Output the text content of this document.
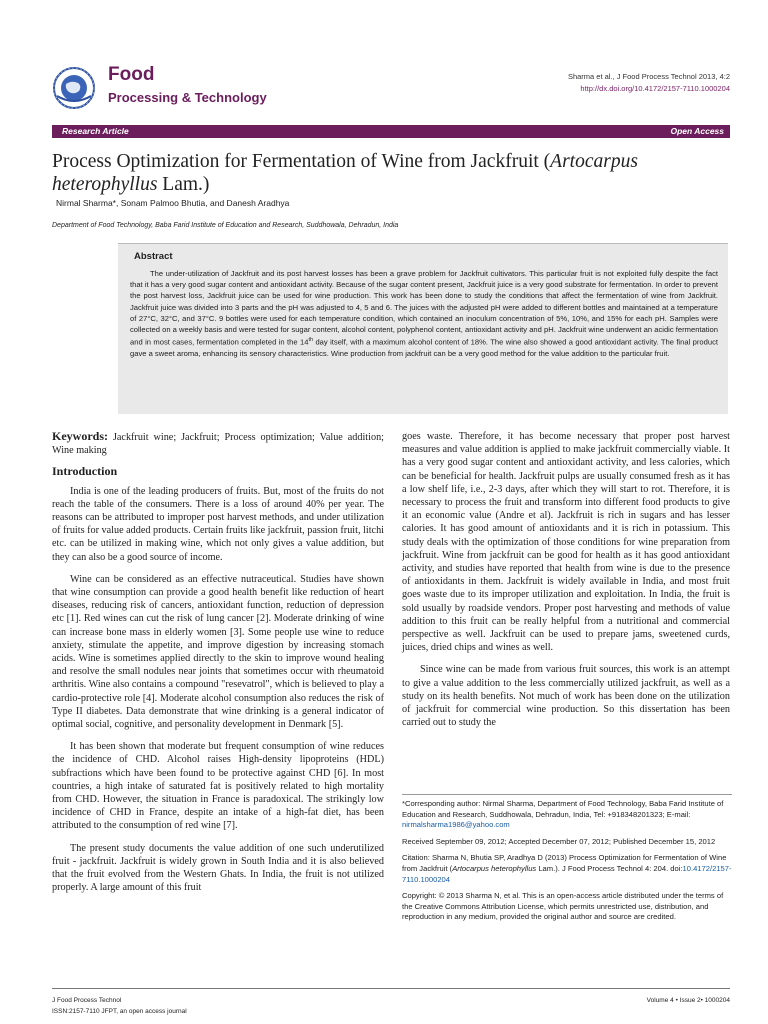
Food
Processing & Technology
Sharma et al., J Food Process Technol 2013, 4:2
http://dx.doi.org/10.4172/2157-7110.1000204
Research Article	Open Access
Process Optimization for Fermentation of Wine from Jackfruit (Artocarpus heterophyllus Lam.)
Nirmal Sharma*, Sonam Palmoo Bhutia, and Danesh Aradhya
Department of Food Technology, Baba Farid Institute of Education and Research, Suddhowala, Dehradun, India
Abstract
The under-utilization of Jackfruit and its post harvest losses has been a grave problem for Jackfruit cultivators. This particular fruit is not exploited fully despite the fact that it has a very good sugar content and antioxidant activity. Because of the sugar content present, Jackfruit juice is a very good substrate for fermentation. In order to prevent the post harvest loss, Jackfruit juice can be used for wine production. This work has been done to study the conditions that affect the fermentation of wine from Jackfruit. Jackfruit juice was divided into 3 parts and the pH was adjusted to 4, 5 and 6. The juices with the adjusted pH were added to different bottles and maintained at a temperature of 27°C, 32°C, and 37°C. 9 bottles were used for each temperature condition, which contained an inoculum concentration of 5%, 10%, and 15% for each pH. Samples were collected on a weekly basis and were tested for sugar content, alcohol content, polyphenol content, antioxidant activity and pH. Jackfruit wine underwent an acidic fermentation and in most cases, fermentation completed in the 14th day itself, with a maximum alcohol content of 18%. The wine also showed a good antioxidant activity. The final product gave a sweet aroma, enhancing its sensory characteristics. Wine production from jackfruit can be a very good method for the value addition to the particular fruit.

Keywords: Jackfruit wine; Jackfruit; Process optimization; Value addition; Wine making

Introduction

India is one of the leading producers of fruits. But, most of the fruits do not reach the table of the consumers. There is a loss of around 40% per year. The reasons can be attributed to improper post harvest methods, and under utilization of fruits for value added products. Certain fruits like jackfruit, passion fruit, litchi etc. can be utilized in making wine, which not only gives a value addition, but they can also be a good source of income.

Wine can be considered as an effective nutraceutical. Studies have shown that wine consumption can provide a good health benefit like reduction of heart diseases, reducing risk of cancers, antioxidant function, reduction of depression etc [1]. Red wines can cut the risk of lung cancer [2]. Moderate drinking of wine can increase bone mass in elderly women [3]. Some people use wine to reduce anxiety, stimulate the appetite, and improve digestion by increasing stomach acids. Wine is sometimes applied directly to the skin to improve wound healing and resolve the small nodules near joints that sometimes occur with rheumatoid arthritis. Wine also contains a compound "resevatrol", which is believed to play a cardio-protective role [4]. Moderate alcohol consumption also reduces the risk of Type II diabetes. Data demonstrate that wine drinking is a general indicator of optimal social, cognitive, and personality development in Denmark [5].

It has been shown that moderate but frequent consumption of wine reduces the incidence of CHD. Alcohol raises High-density lipoproteins (HDL) subfractions which have been found to be protective against CHD [6]. In most countries, a high intake of saturated fat is positively related to high mortality from CHD. However, the situation in France is paradoxical. The strikingly low incidence of CHD in France, despite an intake of a high-fat diet, has been attributed to the consumption of red wine [7].

The present study documents the value addition of one such underutilized fruit - jackfruit. Jackfruit is widely grown in South India and it is also believed that the fruit evolved from the Western Ghats. In India, the fruit is not utilized properly. A large amount of this fruit

goes waste. Therefore, it has become necessary that proper post harvest measures and value addition is applied to make jackfruit commercially viable. It has a very good sugar content and antioxidant activity, and less calories, which can be beneficial for health. Jackfruit pulps are usually consumed fresh as it has a low shelf life, i.e., 2-3 days, after which they will start to rot. Therefore, it is necessary to process the fruit and transform into different food products to give it an economic value (Andre et al). Jackfruit is rich in sugars and has lesser calories. It has good amount of antioxidants and it is rich in potassium. This study deals with the optimization of those conditions for wine preparation from jackfruit. Wine from jackfruit can be good for health as it has good antioxidant activity, and studies have reported that health from wine is due to the presence of antioxidants in them. Jackfruit is widely available in India, and most fruit goes waste due to its improper utilization and exploitation. In India, the fruit is sold usually by roadside vendors. Proper post harvesting and methods of value addition to this fruit can be really helpful from a nutritional and commercial perspective as well. Jackfruit can be used to prepare jams, sweetened curds, juices, dried chips and wines as well.

Since wine can be made from various fruit sources, this work is an attempt to give a value addition to the less commercially utilized jackfruit, as well as a study on its health benefits. Not much of work has been done on the utilization of jackfruit for commercial wine production. So this dissertation has been carried out to study the

*Corresponding author: Nirmal Sharma, Department of Food Technology, Baba Farid Institute of Education and Research, Suddhowala, Dehradun, India, Tel: +918348201323; E-mail: nirmalsharma1986@yahoo.com
Received September 09, 2012; Accepted December 07, 2012; Published December 15, 2012
Citation: Sharma N, Bhutia SP, Aradhya D (2013) Process Optimization for Fermentation of Wine from Jackfruit (Artocarpus heterophyllus Lam.). J Food Process Technol 4: 204. doi:10.4172/2157-7110.1000204
Copyright: © 2013 Sharma N, et al. This is an open-access article distributed under the terms of the Creative Commons Attribution License, which permits unrestricted use, distribution, and reproduction in any medium, provided the original author and source are credited.
J Food Process Technol
ISSN:2157-7110 JFPT, an open access journal
Volume 4 • Issue 2• 1000204
